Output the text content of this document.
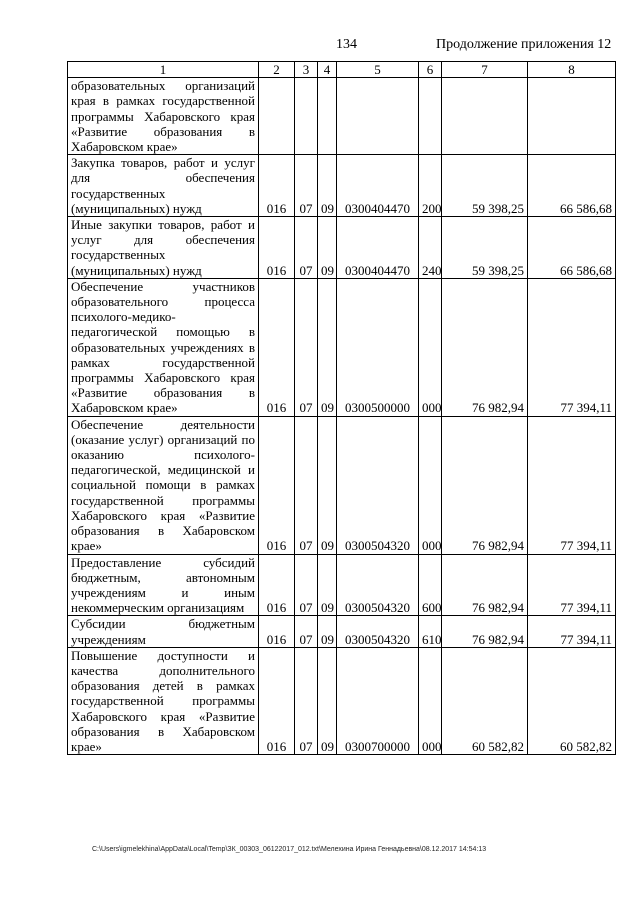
134	Продолжение приложения 12
1	2	3	4	5	6	7	8
образовательных организаций края в рамках государственной программы Хабаровского края «Развитие образования в Хабаровском крае»							
Закупка товаров, работ и услуг для обеспечения государственных (муниципальных) нужд	016	07	09	0300404470	200	59 398,25	66 586,68
Иные закупки товаров, работ и услуг для обеспечения государственных (муниципальных) нужд	016	07	09	0300404470	240	59 398,25	66 586,68
Обеспечение участников образовательного процесса психолого-медико-педагогической помощью в образовательных учреждениях в рамках государственной программы Хабаровского края «Развитие образования в Хабаровском крае»	016	07	09	0300500000	000	76 982,94	77 394,11
Обеспечение деятельности (оказание услуг) организаций по оказанию психолого-педагогической, медицинской и социальной помощи в рамках государственной программы Хабаровского края «Развитие образования в Хабаровском крае»	016	07	09	0300504320	000	76 982,94	77 394,11
Предоставление субсидий бюджетным, автономным учреждениям и иным некоммерческим организациям	016	07	09	0300504320	600	76 982,94	77 394,11
Субсидии бюджетным учреждениям	016	07	09	0300504320	610	76 982,94	77 394,11
Повышение доступности и качества дополнительного образования детей в рамках государственной программы Хабаровского края «Развитие образования в Хабаровском крае»	016	07	09	0300700000	000	60 582,82	60 582,82
C:\Users\igmelekhina\AppData\Local\Temp\ЗК_00303_06122017_012.txt\Мелехина Ирина Геннадьевна\08.12.2017 14:54:13
